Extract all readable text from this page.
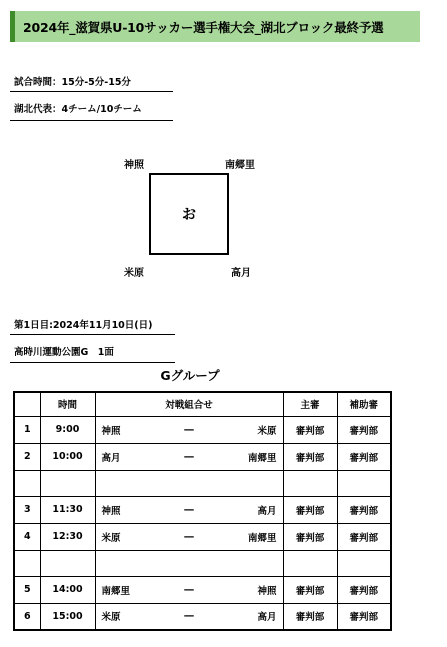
2024年_滋賀県U-10サッカー選手権大会_湖北ブロック最終予選
試合時間：15分-5分-15分
湖北代表：4チーム/10チーム
神照	南郷里
お
米原	高月
第1日目:2024年11月10日(日)
高時川運動公園G　1面
Gグループ
	時間	対戦組合せ	主審	補助審
1	9:00	神照 ― 米原	審判部	審判部
2	10:00	高月 ― 南郷里	審判部	審判部

3	11:30	神照 ― 高月	審判部	審判部
4	12:30	米原 ― 南郷里	審判部	審判部

5	14:00	南郷里 ― 神照	審判部	審判部
6	15:00	米原 ― 高月	審判部	審判部
